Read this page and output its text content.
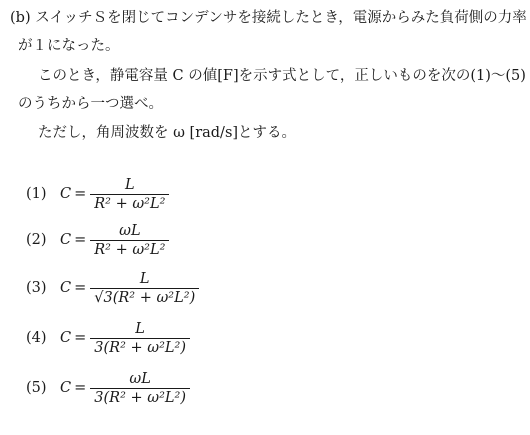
(b) スイッチＳを閉じてコンデンサを接続したとき，電源からみた負荷側の力率
が１になった。
このとき，静電容量 C の値[F]を示す式として，正しいものを次の(1)～(5)
のうちから一つ選べ。
ただし，角周波数を ω [rad/s]とする。
(1) $C = \frac{L}{\text{R² + ω²L²}}$
(2) $C = \frac{\omega L}{\text{R² + ω²L²}}$
(3) $C = \frac{L}{\text{√3(R² + ω²L²)}}$
(4) $C = \frac{L}{\text{3(R² + ω²L²)}}$
(5) $C = \frac{\omega L}{\text{3(R² + ω²L²)}}$
